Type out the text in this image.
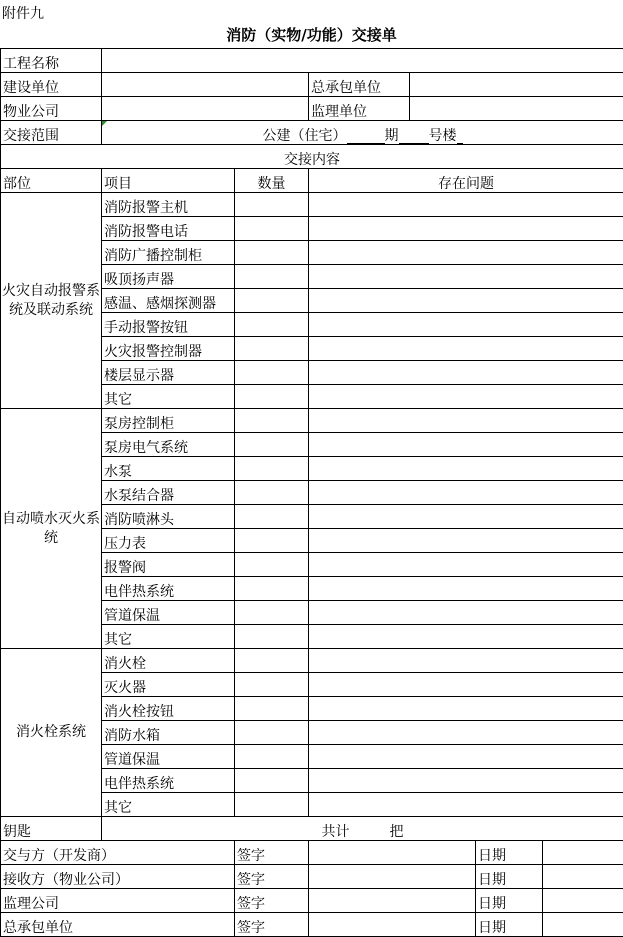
附件九
消防（实物/功能）交接单
工程名称						
建设单位			总承包单位			
物业公司			监理单位			
交接范围	公建（住宅） 期 号楼					
交接内容						
部位	项目	数量	存在问题			
火灾自动报警系统及联动系统	消防报警主机					
	消防报警电话					
	消防广播控制柜					
	吸顶扬声器					
	感温、感烟探测器					
	手动报警按钮					
	火灾报警控制器					
	楼层显示器					
	其它					
自动喷水灭火系统	泵房控制柜					
	泵房电气系统					
	水泵					
	水泵结合器					
	消防喷淋头					
	压力表					
	报警阀					
	电伴热系统					
	管道保温					
	其它					
消火栓系统	消火栓					
	灭火器					
	消火栓按钮					
	消防水箱					
	管道保温					
	电伴热系统					
	其它					
钥匙	共计 把					
交与方（开发商）		签字			日期	
接收方（物业公司）		签字			日期	
监理公司		签字			日期	
总承包单位		签字			日期	
